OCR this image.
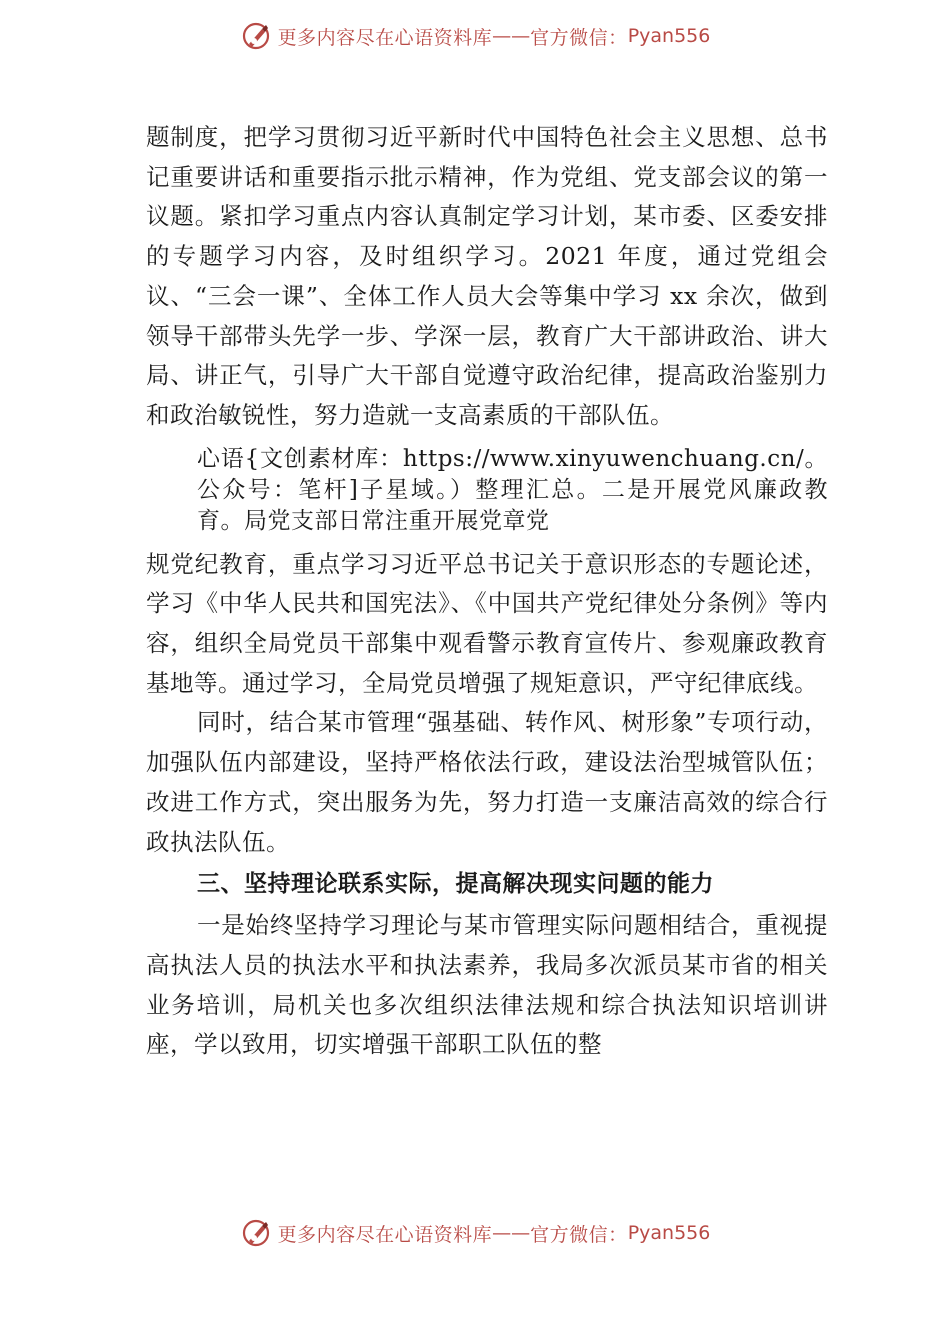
更多内容尽在心语资料库 —— 官方微信： Pyan556

题制度，把学习贯彻习近平新时代中国特色社会主义思想、总书记重要讲话和重要指示批示精神，作为党组、党支部会议的第一议题。紧扣学习重点内容认真制定学习计划，某市委、区委安排的专题学习内容，及时组织学习。2021 年度，通过党组会议、“三会一课”、全体工作人员大会等集中学习 xx 余次，做到领导干部带头先学一步、学深一层，教育广大干部讲政治、讲大局、讲正气，引导广大干部自觉遵守政治纪律，提高政治鉴别力和政治敏锐性，努力造就一支高素质的干部队伍。

心语{文创素材库：https://www.xinyuwenchuang.cn/。公众号：笔杆]子星域。）整理汇总。二是开展党风廉政教育。局党支部日常注重开展党章党

规党纪教育，重点学习习近平总书记关于意识形态的专题论述，学习《中华人民共和国宪法》、《中国共产党纪律处分条例》等内容，组织全局党员干部集中观看警示教育宣传片、参观廉政教育基地等。通过学习，全局党员增强了规矩意识，严守纪律底线。

同时，结合某市管理“强基础、转作风、树形象”专项行动，加强队伍内部建设，坚持严格依法行政，建设法治型城管队伍；改进工作方式，突出服务为先，努力打造一支廉洁高效的综合行政执法队伍。

三、坚持理论联系实际，提高解决现实问题的能力

一是始终坚持学习理论与某市管理实际问题相结合，重视提高执法人员的执法水平和执法素养，我局多次派员某市省的相关业务培训，局机关也多次组织法律法规和综合执法知识培训讲座，学以致用，切实增强干部职工队伍的整

更多内容尽在心语资料库 —— 官方微信： Pyan556
